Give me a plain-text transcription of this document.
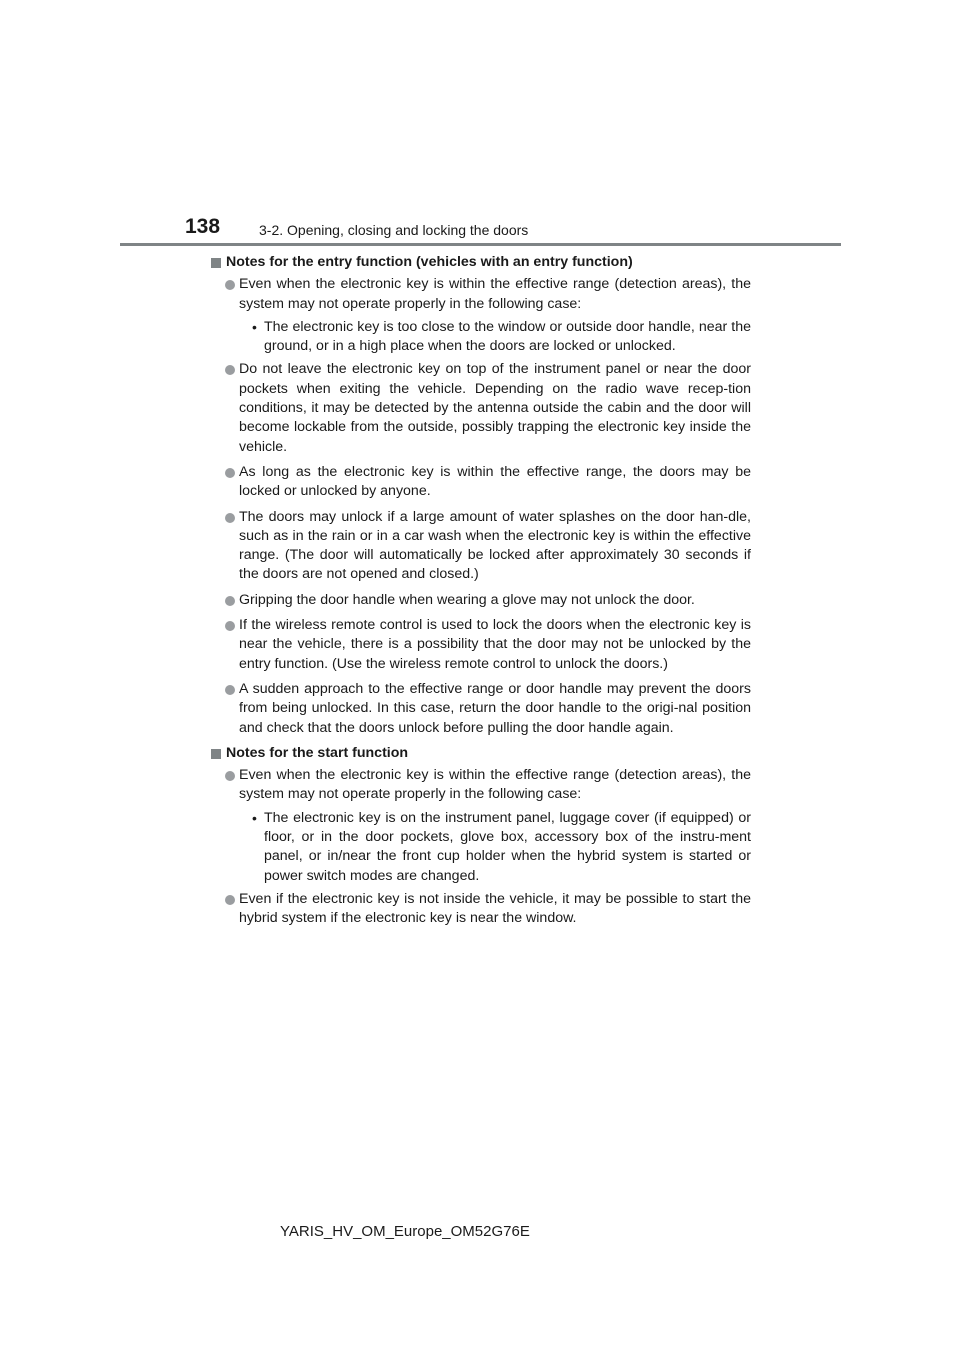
138	3-2. Opening, closing and locking the doors
Notes for the entry function (vehicles with an entry function)
Even when the electronic key is within the effective range (detection areas), the system may not operate properly in the following case:
• The electronic key is too close to the window or outside door handle, near the ground, or in a high place when the doors are locked or unlocked.
Do not leave the electronic key on top of the instrument panel or near the door pockets when exiting the vehicle. Depending on the radio wave recep-tion conditions, it may be detected by the antenna outside the cabin and the door will become lockable from the outside, possibly trapping the electronic key inside the vehicle.
As long as the electronic key is within the effective range, the doors may be locked or unlocked by anyone.
The doors may unlock if a large amount of water splashes on the door han-dle, such as in the rain or in a car wash when the electronic key is within the effective range. (The door will automatically be locked after approximately 30 seconds if the doors are not opened and closed.)
Gripping the door handle when wearing a glove may not unlock the door.
If the wireless remote control is used to lock the doors when the electronic key is near the vehicle, there is a possibility that the door may not be unlocked by the entry function. (Use the wireless remote control to unlock the doors.)
A sudden approach to the effective range or door handle may prevent the doors from being unlocked. In this case, return the door handle to the origi-nal position and check that the doors unlock before pulling the door handle again.
Notes for the start function
Even when the electronic key is within the effective range (detection areas), the system may not operate properly in the following case:
• The electronic key is on the instrument panel, luggage cover (if equipped) or floor, or in the door pockets, glove box, accessory box of the instru-ment panel, or in/near the front cup holder when the hybrid system is started or power switch modes are changed.
Even if the electronic key is not inside the vehicle, it may be possible to start the hybrid system if the electronic key is near the window.
YARIS_HV_OM_Europe_OM52G76E
